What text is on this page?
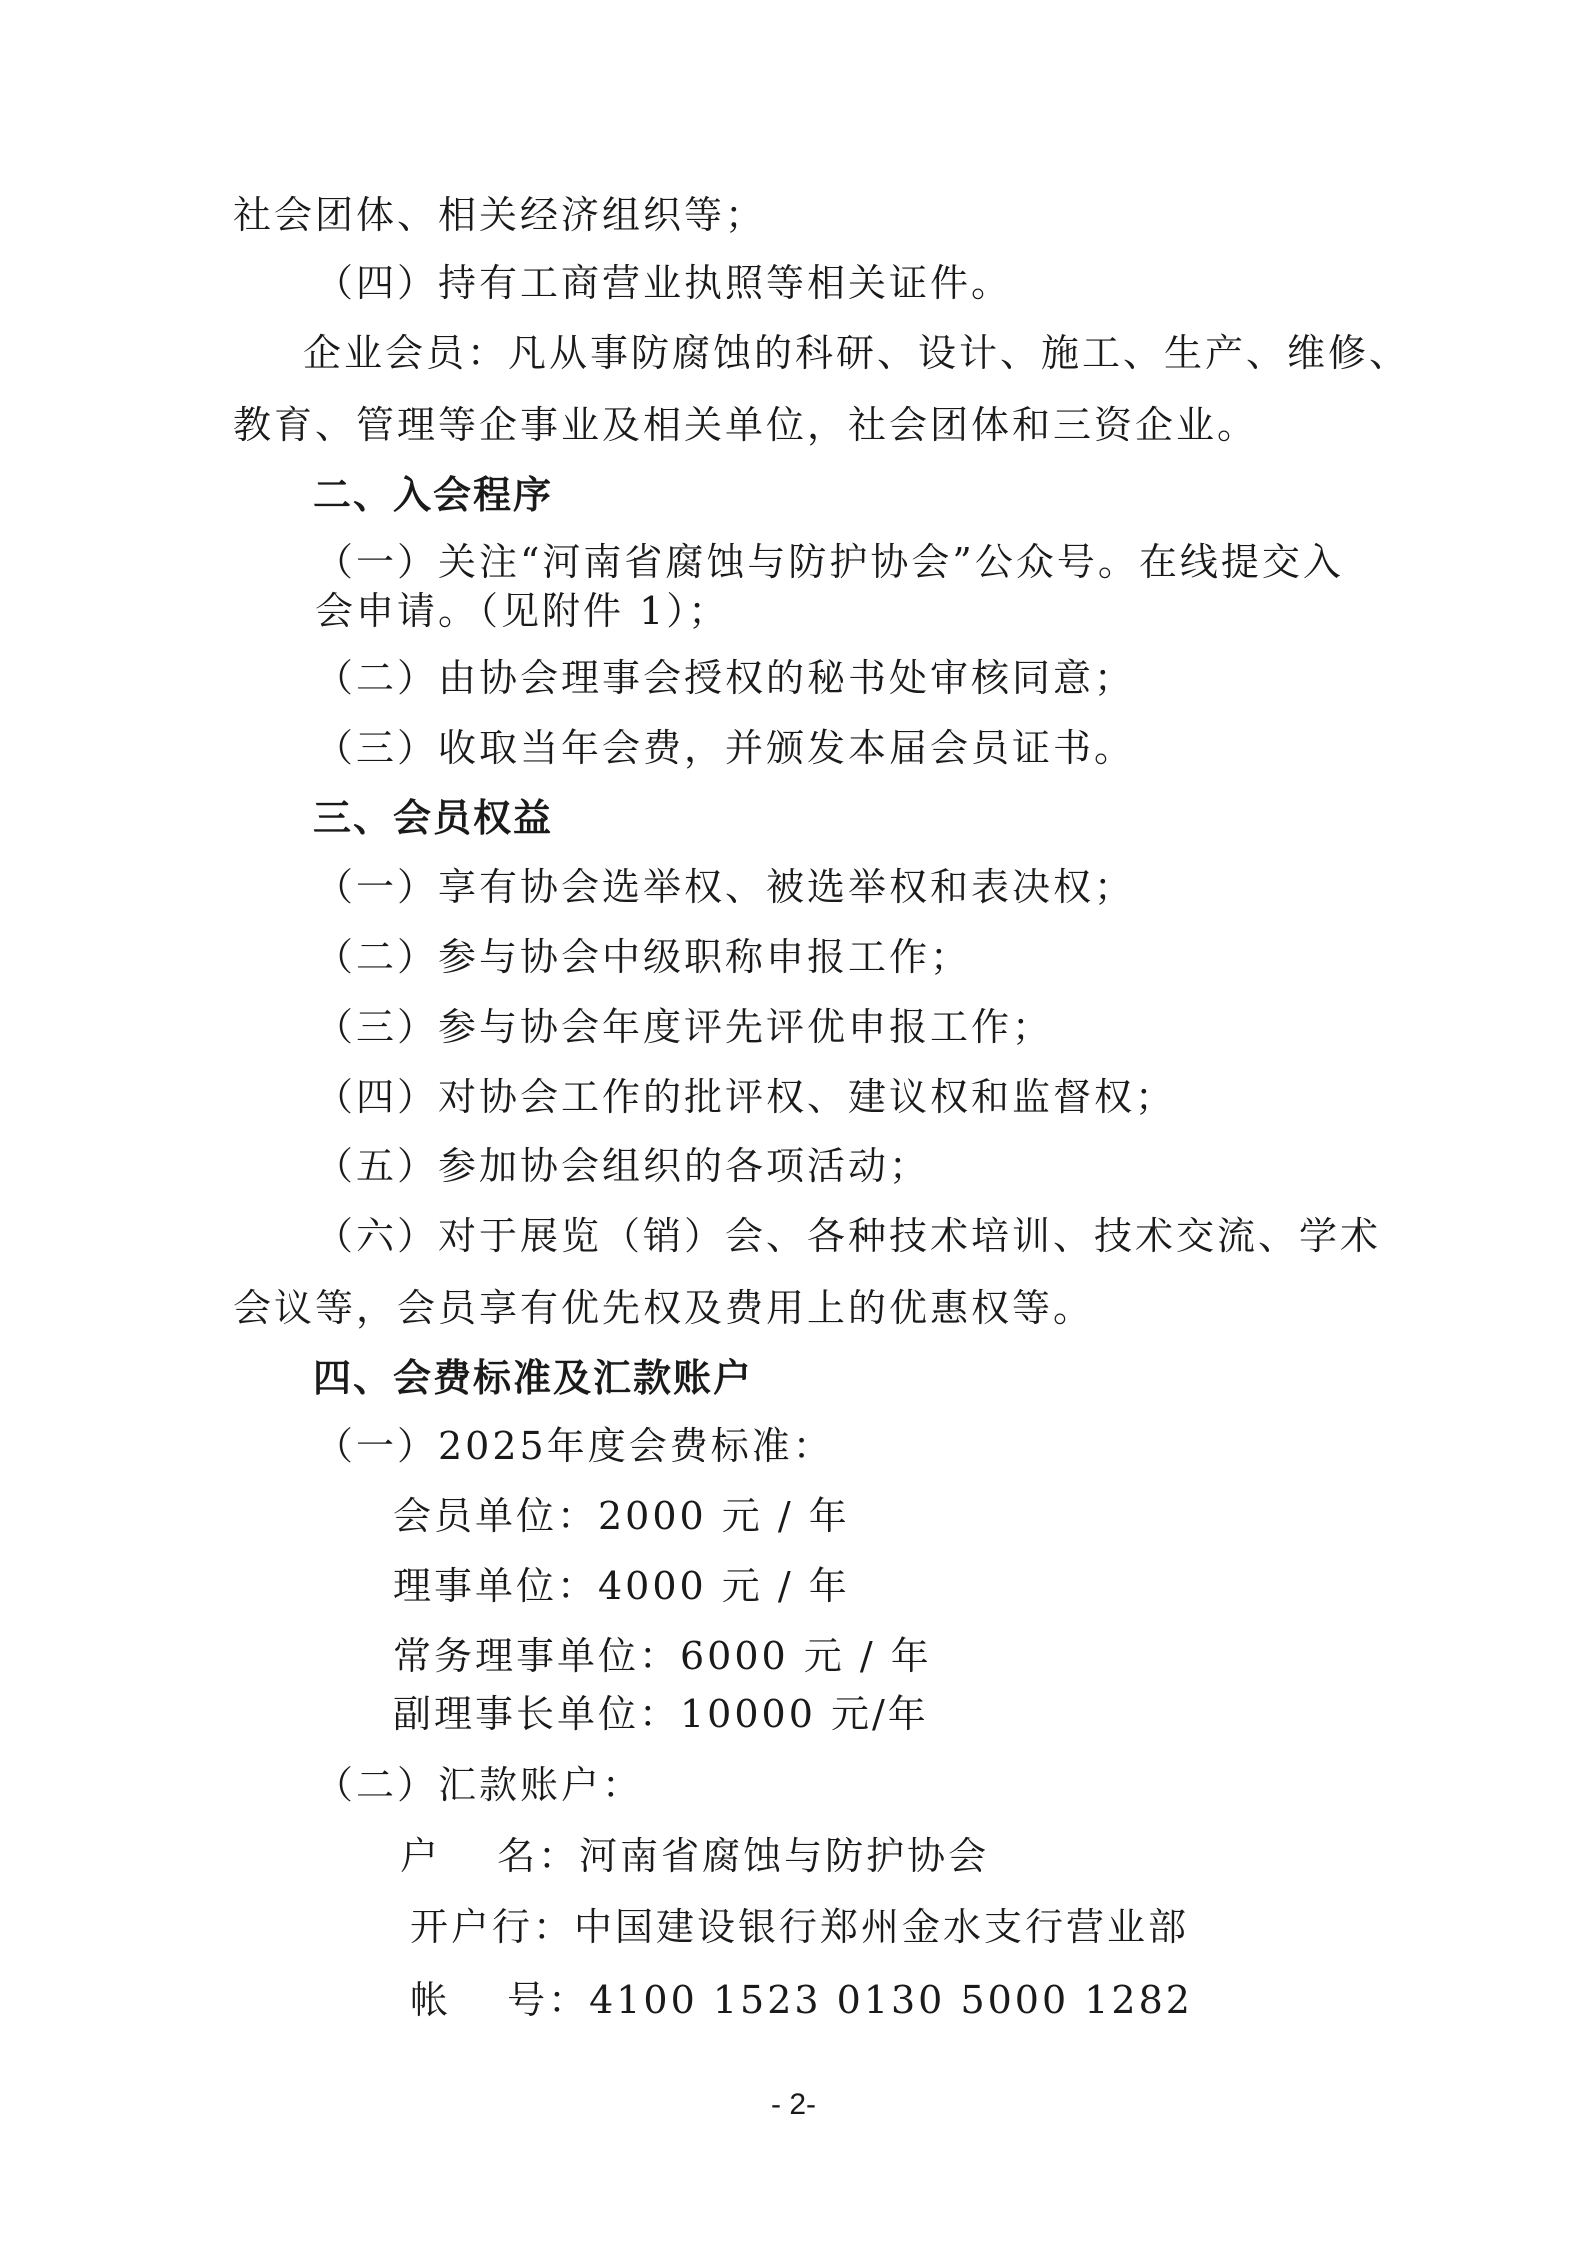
社会团体、相关经济组织等；
（四）持有工商营业执照等相关证件。
企业会员：凡从事防腐蚀的科研、设计、施工、生产、维修、
教育、管理等企事业及相关单位，社会团体和三资企业。
二、入会程序
（一）关注“河南省腐蚀与防护协会”公众号。在线提交入
会申请。（见附件 1）；
（二）由协会理事会授权的秘书处审核同意；
（三）收取当年会费，并颁发本届会员证书。
三、会员权益
（一）享有协会选举权、被选举权和表决权；
（二）参与协会中级职称申报工作；
（三）参与协会年度评先评优申报工作；
（四）对协会工作的批评权、建议权和监督权；
（五）参加协会组织的各项活动；
（六）对于展览（销）会、各种技术培训、技术交流、学术
会议等，会员享有优先权及费用上的优惠权等。
四、会费标准及汇款账户
（一）2025年度会费标准：
会员单位：2000 元 / 年
理事单位：4000 元 / 年
常务理事单位：6000 元 / 年
副理事长单位：10000 元/年
（二）汇款账户：
户　 名：河南省腐蚀与防护协会
开户行：中国建设银行郑州金水支行营业部
帐　 号：4100 1523 0130 5000 1282
- 2-
